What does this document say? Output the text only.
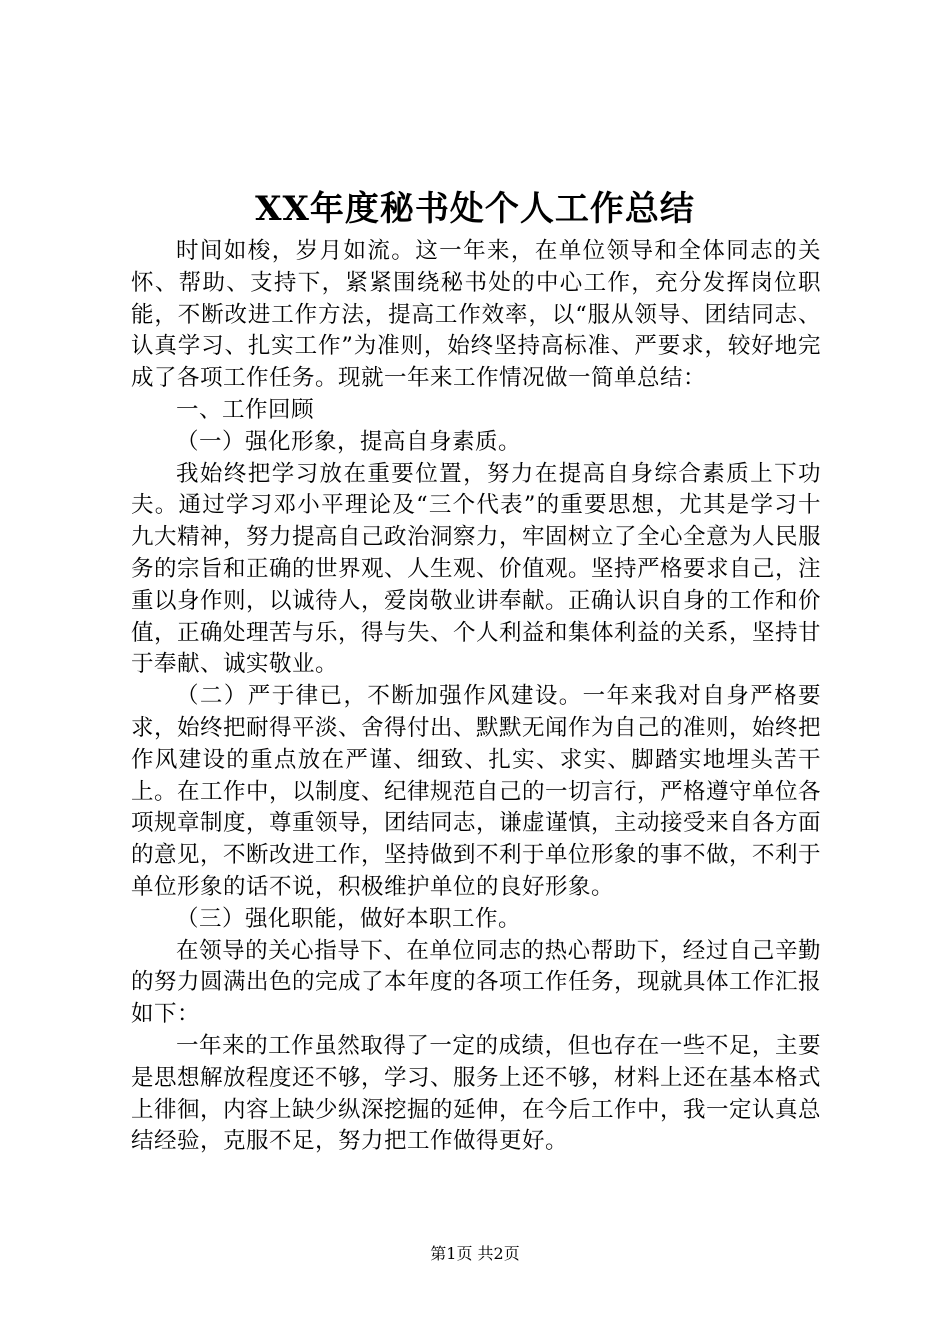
XX年度秘书处个人工作总结

时间如梭，岁月如流。这一年来，在单位领导和全体同志的关怀、帮助、支持下，紧紧围绕秘书处的中心工作，充分发挥岗位职能，不断改进工作方法，提高工作效率，以“服从领导、团结同志、认真学习、扎实工作”为准则，始终坚持高标准、严要求，较好地完成了各项工作任务。现就一年来工作情况做一简单总结：

一、工作回顾

（一）强化形象，提高自身素质。

我始终把学习放在重要位置，努力在提高自身综合素质上下功夫。通过学习邓小平理论及“三个代表”的重要思想，尤其是学习十九大精神，努力提高自己政治洞察力，牢固树立了全心全意为人民服务的宗旨和正确的世界观、人生观、价值观。坚持严格要求自己，注重以身作则，以诚待人，爱岗敬业讲奉献。正确认识自身的工作和价值，正确处理苦与乐，得与失、个人利益和集体利益的关系，坚持甘于奉献、诚实敬业。

（二）严于律已，不断加强作风建设。一年来我对自身严格要求，始终把耐得平淡、舍得付出、默默无闻作为自己的准则，始终把作风建设的重点放在严谨、细致、扎实、求实、脚踏实地埋头苦干上。在工作中，以制度、纪律规范自己的一切言行，严格遵守单位各项规章制度，尊重领导，团结同志，谦虚谨慎，主动接受来自各方面的意见，不断改进工作，坚持做到不利于单位形象的事不做，不利于单位形象的话不说，积极维护单位的良好形象。

（三）强化职能，做好本职工作。

在领导的关心指导下、在单位同志的热心帮助下，经过自己辛勤的努力圆满出色的完成了本年度的各项工作任务，现就具体工作汇报如下：

一年来的工作虽然取得了一定的成绩，但也存在一些不足，主要是思想解放程度还不够，学习、服务上还不够，材料上还在基本格式上徘徊，内容上缺少纵深挖掘的延伸，在今后工作中，我一定认真总结经验，克服不足，努力把工作做得更好。

第1页 共2页
